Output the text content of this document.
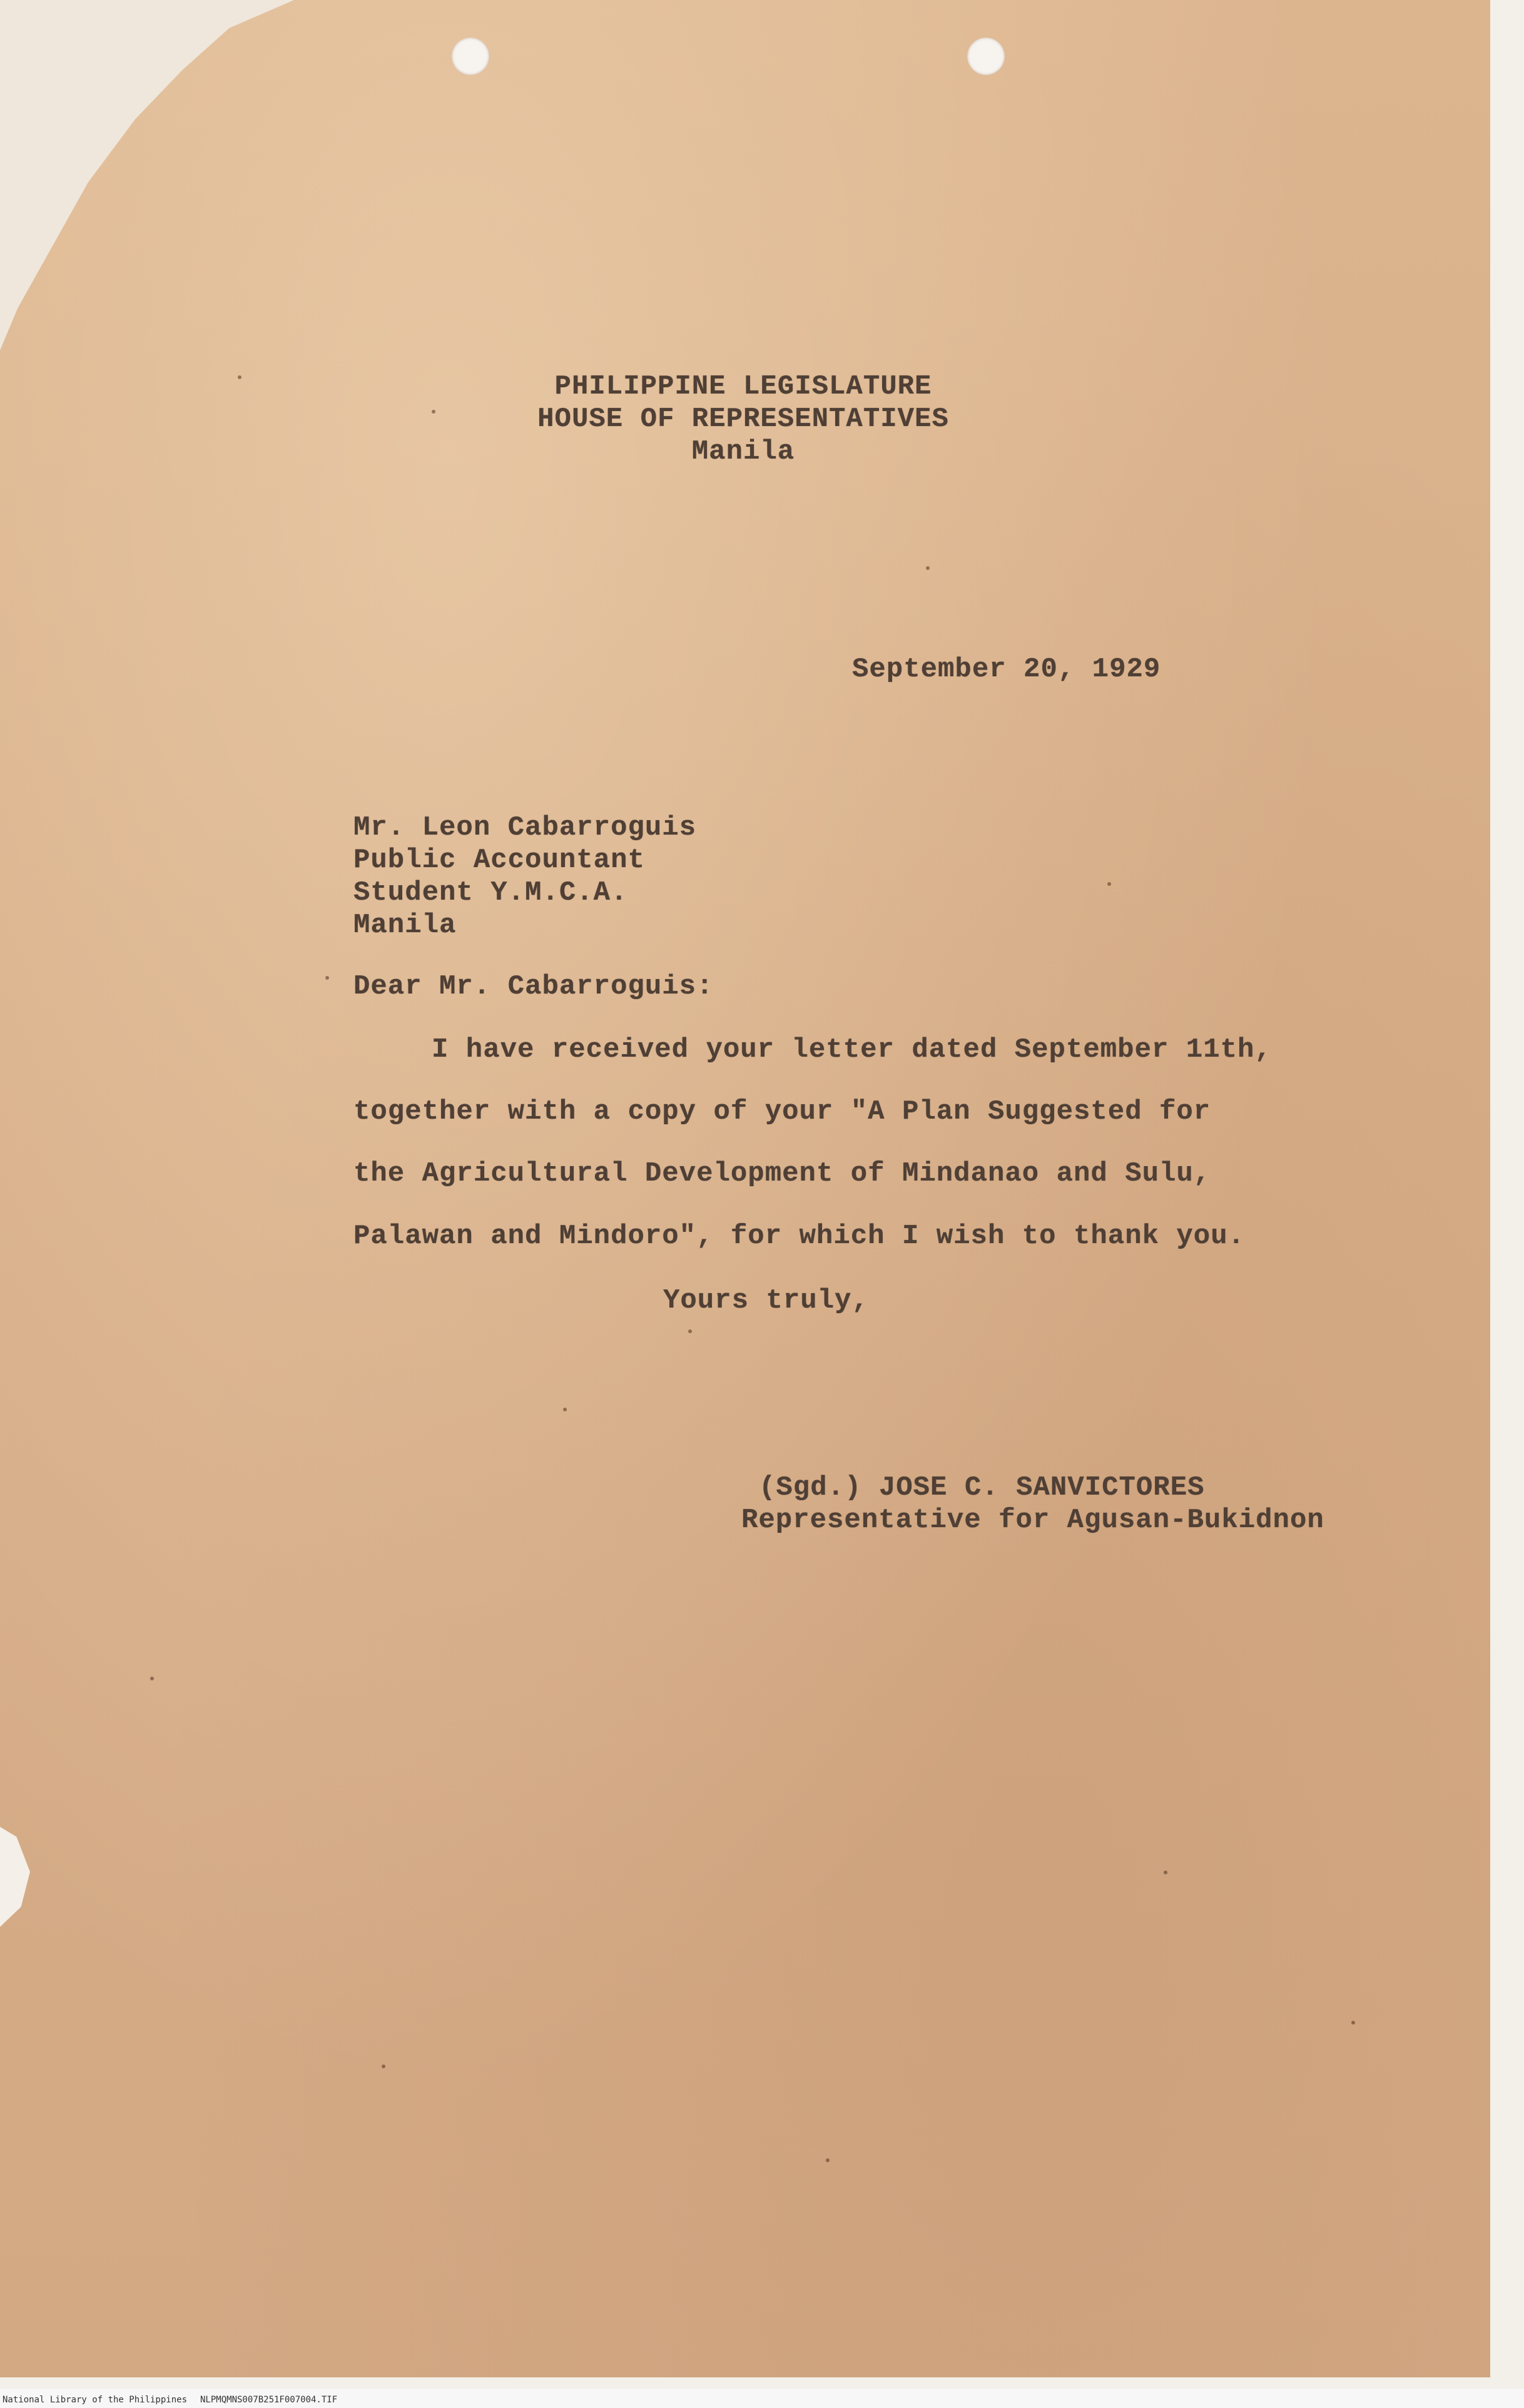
PHILIPPINE LEGISLATURE
HOUSE OF REPRESENTATIVES
Manila
September 20, 1929
Mr. Leon Cabarroguis
Public Accountant
Student Y.M.C.A.
Manila
Dear Mr. Cabarroguis:
I have received your letter dated September 11th,
together with a copy of your "A Plan Suggested for
the Agricultural Development of Mindanao and Sulu,
Palawan and Mindoro", for which I wish to thank you.
Yours truly,
(Sgd.) JOSE C. SANVICTORES
Representative for Agusan-Bukidnon
National Library of the Philippines NLPMQMNS007B251F007004.TIF
